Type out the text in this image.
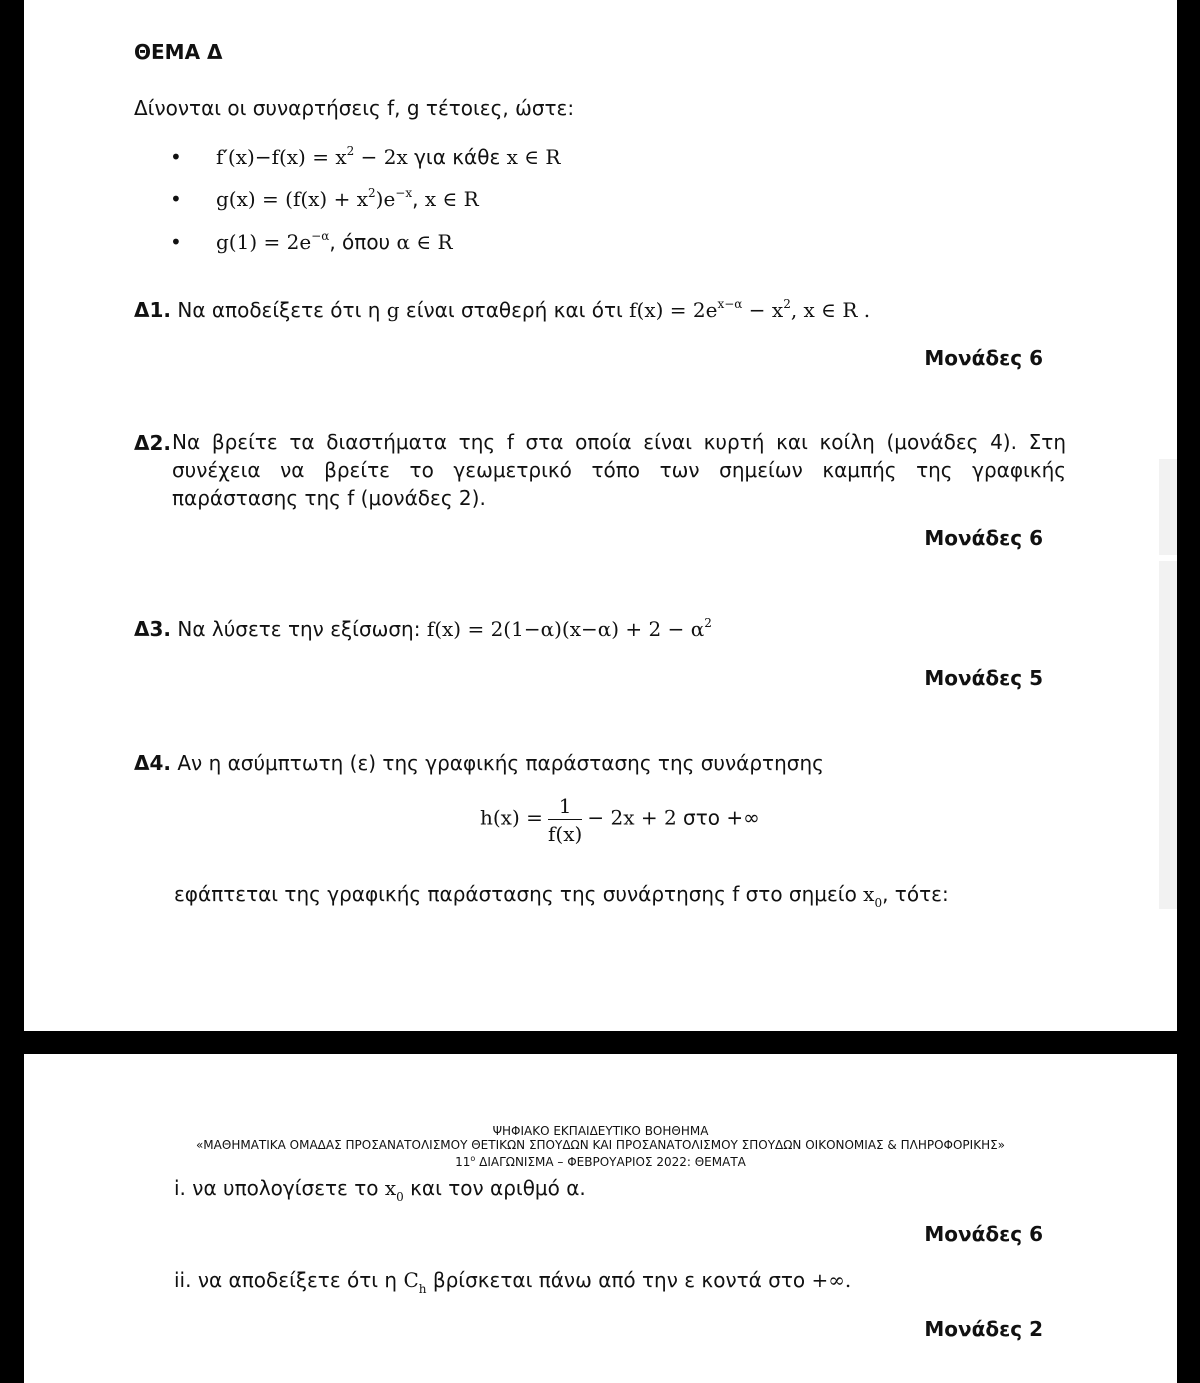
ΘΕΜΑ Δ
Δίνονται οι συναρτήσεις f, g τέτοιες, ώστε:
• $f'(x)-f(x) = x^2 - 2x$ για κάθε x ∈ R
• $g(x) = (f(x) + x^2)e^{-x}$, x ∈ R
• $g(1) = 2e^{-\alpha}$, όπου α ∈ R
Δ1. Να αποδείξετε ότι η g είναι σταθερή και ότι $f(x) = 2e^{x-\alpha} - x^2$, x ∈ R .
Μονάδες 6
Δ2. Να βρείτε τα διαστήματα της f στα οποία είναι κυρτή και κοίλη (μονάδες 4). Στη συνέχεια να βρείτε το γεωμετρικό τόπο των σημείων καμπής της γραφικής παράστασης της f (μονάδες 2).
Μονάδες 6
Δ3. Να λύσετε την εξίσωση: $f(x) = 2(1-\alpha)(x-\alpha) + 2 - \alpha^2$
Μονάδες 5
Δ4. Αν η ασύμπτωτη (ε) της γραφικής παράστασης της συνάρτησης
$h(x) = \frac{1}{f(x)} - 2x + 2$ στο +∞
εφάπτεται της γραφικής παράστασης της συνάρτησης f στο σημείο $x_0$, τότε:
ΨΗΦΙΑΚΟ ΕΚΠΑΙΔΕΥΤΙΚΟ ΒΟΗΘΗΜΑ
«ΜΑΘΗΜΑΤΙΚΑ ΟΜΑΔΑΣ ΠΡΟΣΑΝΑΤΟΛΙΣΜΟΥ ΘΕΤΙΚΩΝ ΣΠΟΥΔΩΝ ΚΑΙ ΠΡΟΣΑΝΑΤΟΛΙΣΜΟΥ ΣΠΟΥΔΩΝ ΟΙΚΟΝΟΜΙΑΣ & ΠΛΗΡΟΦΟΡΙΚΗΣ»
$11^o$ ΔΙΑΓΩΝΙΣΜΑ – ΦΕΒΡΟΥΑΡΙΟΣ 2022: ΘΕΜΑΤΑ
i. να υπολογίσετε το $x_0$ και τον αριθμό α.
Μονάδες 6
ii. να αποδείξετε ότι η $C_h$ βρίσκεται πάνω από την ε κοντά στο +∞.
Μονάδες 2
